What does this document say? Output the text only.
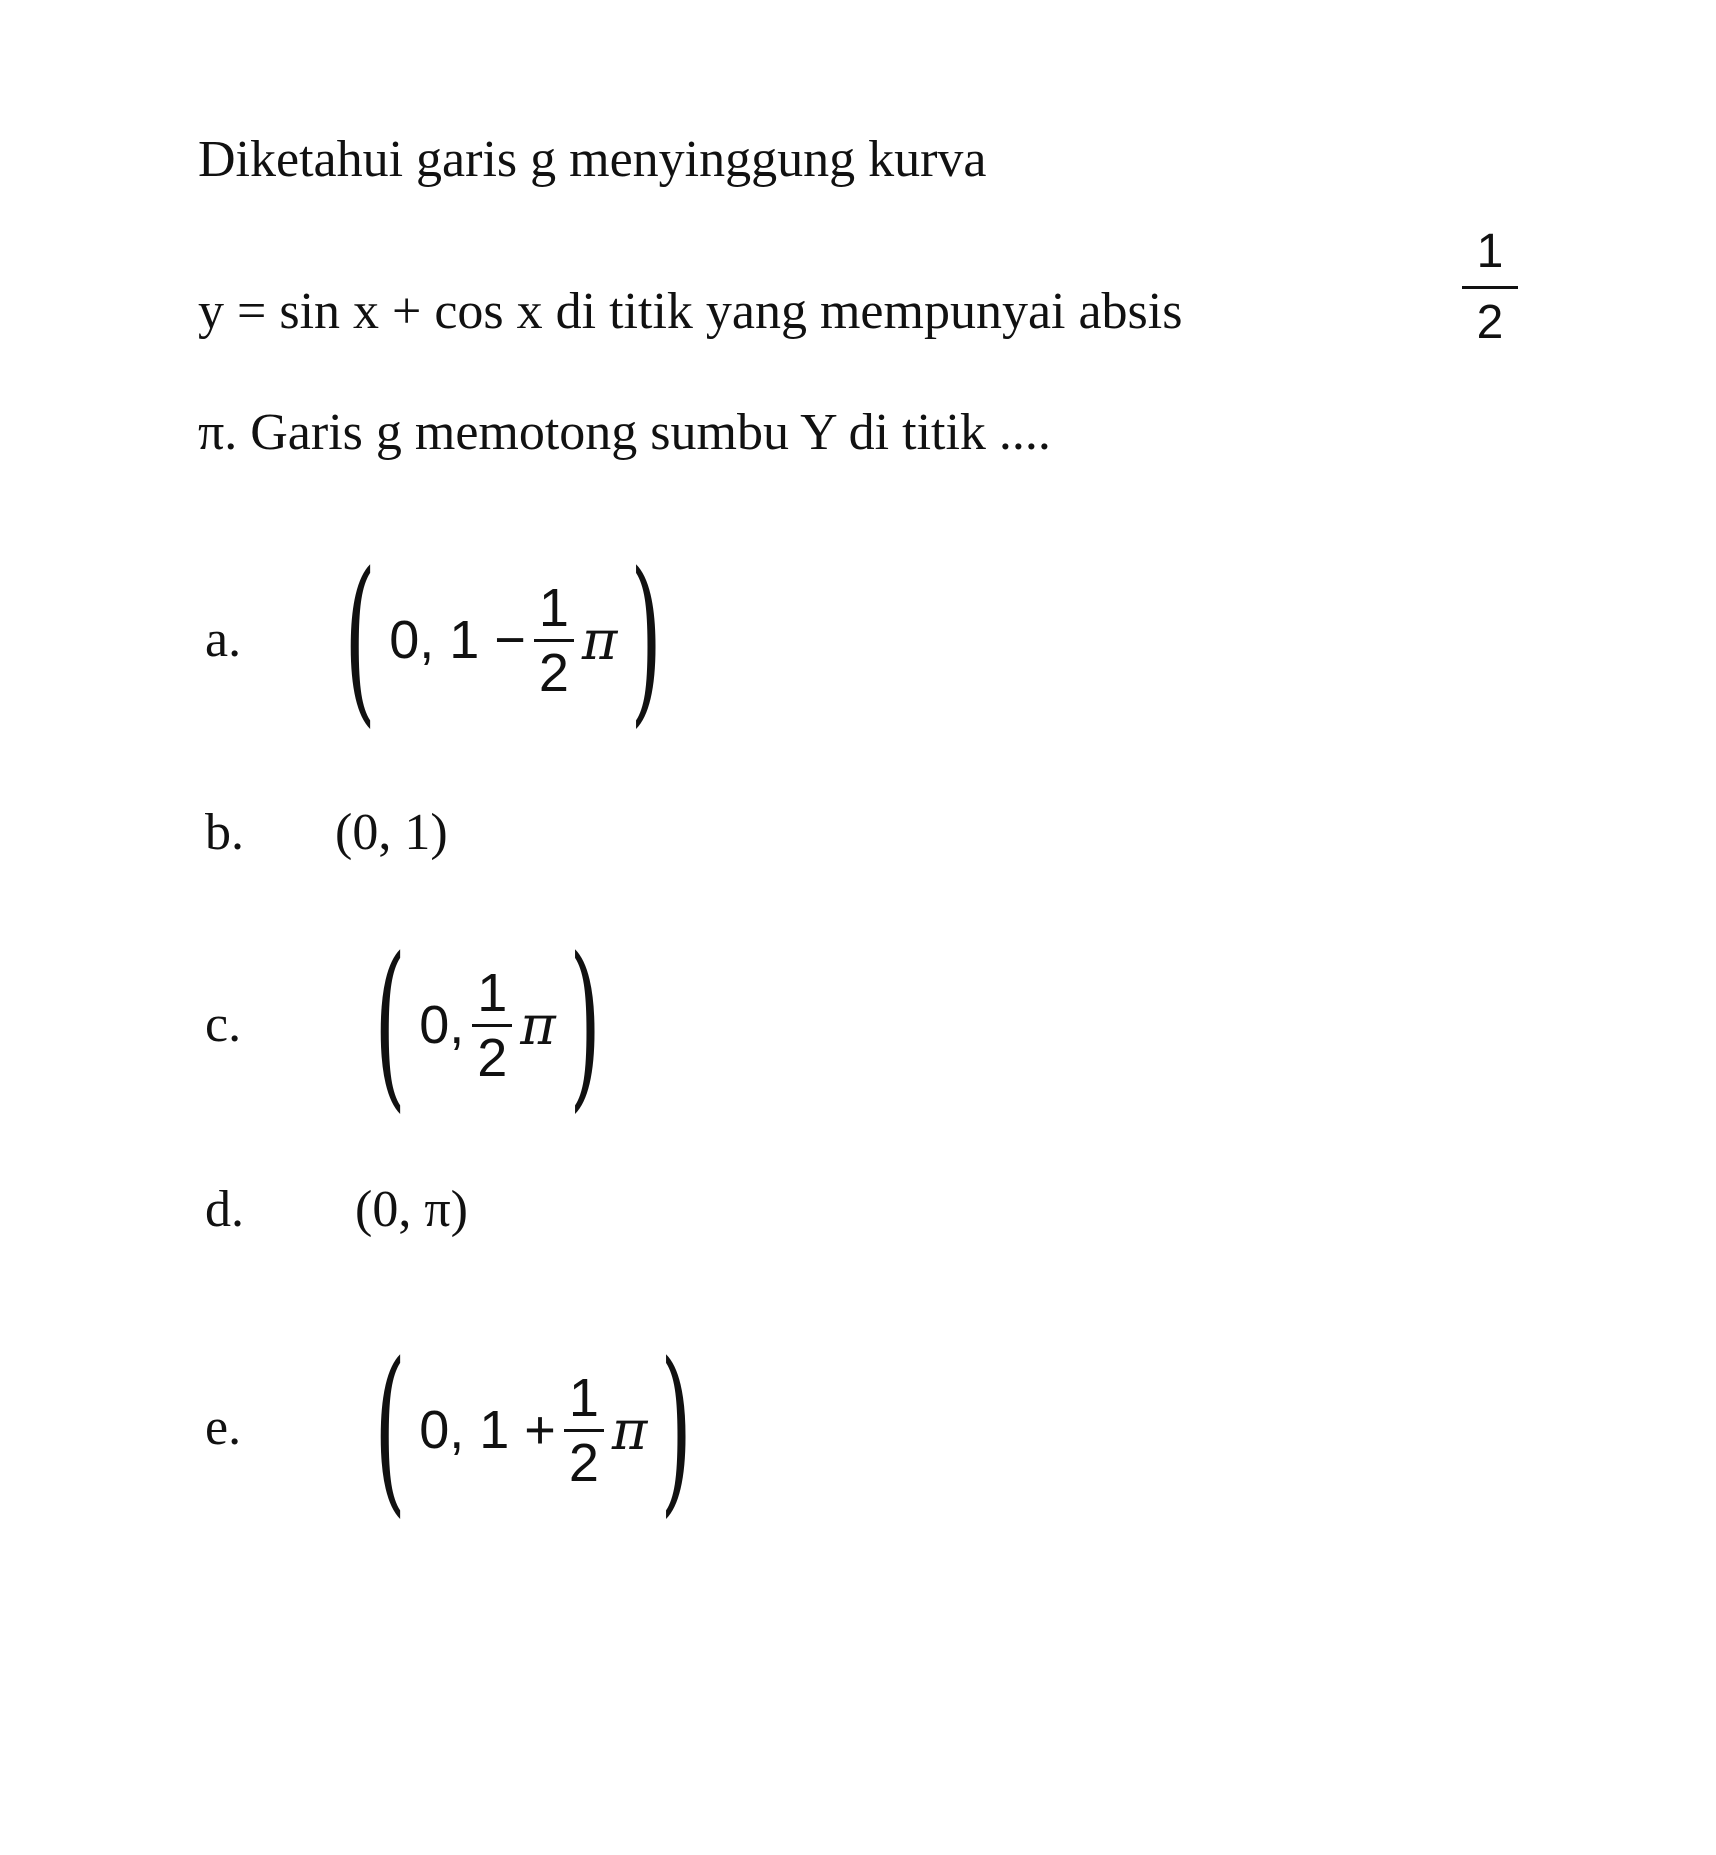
Diketahui garis g menyinggung kurva
y = sin x + cos x di titik yang mempunyai absis
1
2
π. Garis g memotong sumbu Y di titik ....
a. ( 0, 1 −
1
2
π )
b. (0, 1)
c. ( 0,
1
2
π )
d. (0, π)
e. ( 0, 1 +
1
2
π )
